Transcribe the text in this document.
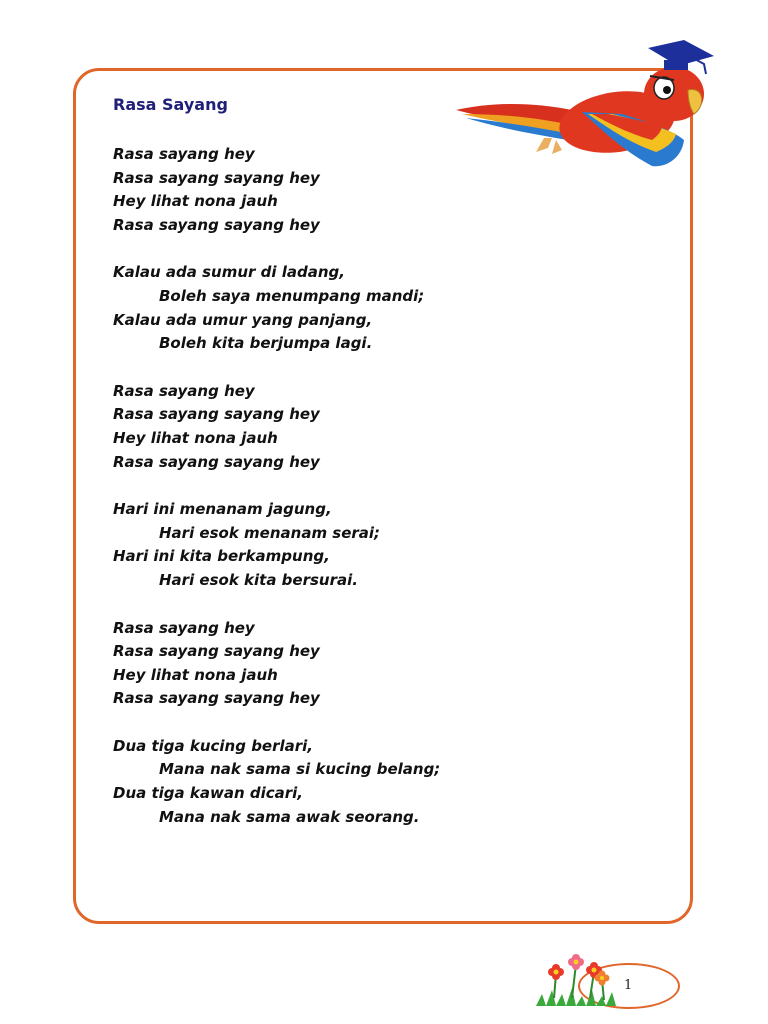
Rasa Sayang
Rasa sayang hey
Rasa sayang sayang hey
Hey lihat nona jauh
Rasa sayang sayang hey
Kalau ada sumur di ladang,
Boleh saya menumpang mandi;
Kalau ada umur yang panjang,
Boleh kita berjumpa lagi.
Rasa sayang hey
Rasa sayang sayang hey
Hey lihat nona jauh
Rasa sayang sayang hey
Hari ini menanam jagung,
Hari esok menanam serai;
Hari ini kita berkampung,
Hari esok kita bersurai.
Rasa sayang hey
Rasa sayang sayang hey
Hey lihat nona jauh
Rasa sayang sayang hey
Dua tiga kucing berlari,
Mana nak sama si kucing belang;
Dua tiga kawan dicari,
Mana nak sama awak seorang.
1
